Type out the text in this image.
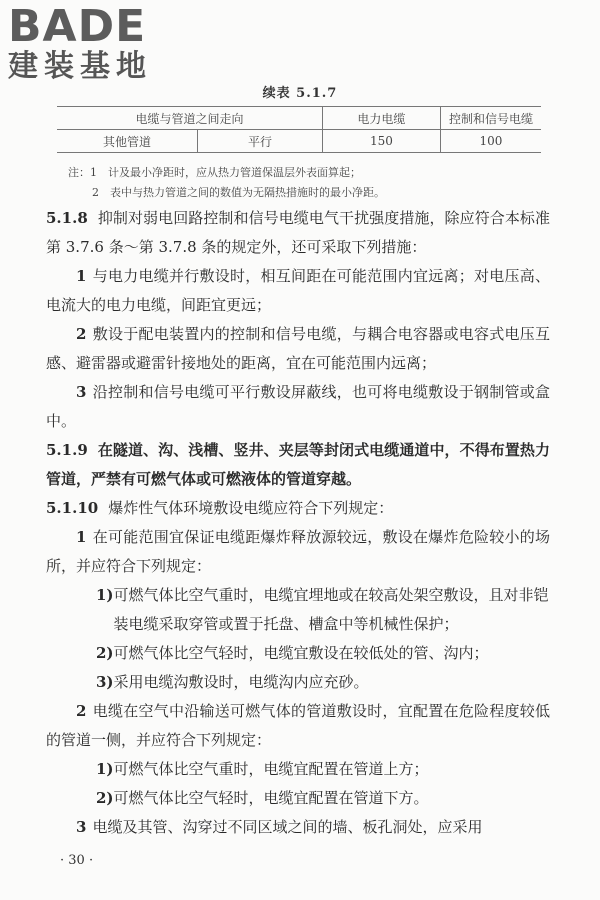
BADE
建装基地
续表 5.1.7
电缆与管道之间走向		电力电缆	控制和信号电缆
其他管道	平行	150	100
注：1　计及最小净距时，应从热力管道保温层外表面算起；
2　表中与热力管道之间的数值为无隔热措施时的最小净距。

5.1.8 抑制对弱电回路控制和信号电缆电气干扰强度措施，除应符合本标准第 3.7.6 条～第 3.7.8 条的规定外，还可采取下列措施：

1 与电力电缆并行敷设时，相互间距在可能范围内宜远离；对电压高、电流大的电力电缆，间距宜更远；

2 敷设于配电装置内的控制和信号电缆，与耦合电容器或电容式电压互感、避雷器或避雷针接地处的距离，宜在可能范围内远离；

3 沿控制和信号电缆可平行敷设屏蔽线，也可将电缆敷设于钢制管或盒中。

5.1.9 在隧道、沟、浅槽、竖井、夹层等封闭式电缆通道中，不得布置热力管道，严禁有可燃气体或可燃液体的管道穿越。

5.1.10 爆炸性气体环境敷设电缆应符合下列规定：

1 在可能范围宜保证电缆距爆炸释放源较远，敷设在爆炸危险较小的场所，并应符合下列规定：

1) 可燃气体比空气重时，电缆宜埋地或在较高处架空敷设，且对非铠装电缆采取穿管或置于托盘、槽盒中等机械性保护；
2) 可燃气体比空气轻时，电缆宜敷设在较低处的管、沟内；
3) 采用电缆沟敷设时，电缆沟内应充砂。

2 电缆在空气中沿输送可燃气体的管道敷设时，宜配置在危险程度较低的管道一侧，并应符合下列规定：

1) 可燃气体比空气重时，电缆宜配置在管道上方；
2) 可燃气体比空气轻时，电缆宜配置在管道下方。

3 电缆及其管、沟穿过不同区域之间的墙、板孔洞处，应采用

· 30 ·
